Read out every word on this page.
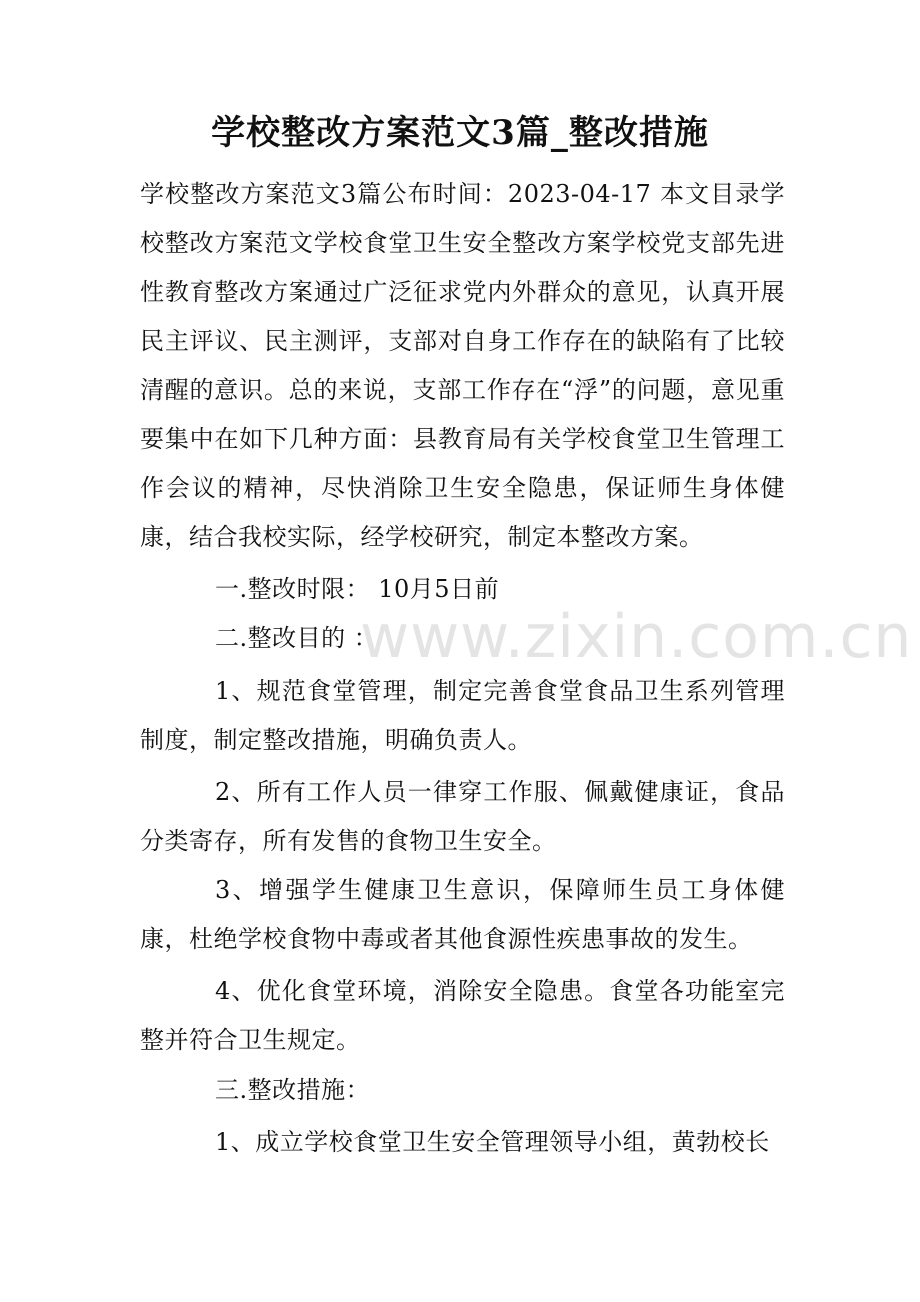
www.zixin.com.cn
学校整改方案范文3篇_整改措施

学校整改方案范文3篇公布时间：2023-04-17 本文目录学校整改方案范文学校食堂卫生安全整改方案学校党支部先进性教育整改方案通过广泛征求党内外群众的意见，认真开展民主评议、民主测评，支部对自身工作存在的缺陷有了比较清醒的意识。总的来说，支部工作存在“浮”的问题，意见重要集中在如下几种方面：县教育局有关学校食堂卫生管理工作会议的精神，尽快消除卫生安全隐患，保证师生身体健康，结合我校实际，经学校研究，制定本整改方案。

一.整改时限： 10月5日前

二.整改目的 ：

1、规范食堂管理，制定完善食堂食品卫生系列管理制度，制定整改措施，明确负责人。

2、所有工作人员一律穿工作服、佩戴健康证，食品分类寄存，所有发售的食物卫生安全。

3、增强学生健康卫生意识，保障师生员工身体健康，杜绝学校食物中毒或者其他食源性疾患事故的发生。

4、优化食堂环境，消除安全隐患。食堂各功能室完整并符合卫生规定。

三.整改措施：

1、成立学校食堂卫生安全管理领导小组，黄勃校长
